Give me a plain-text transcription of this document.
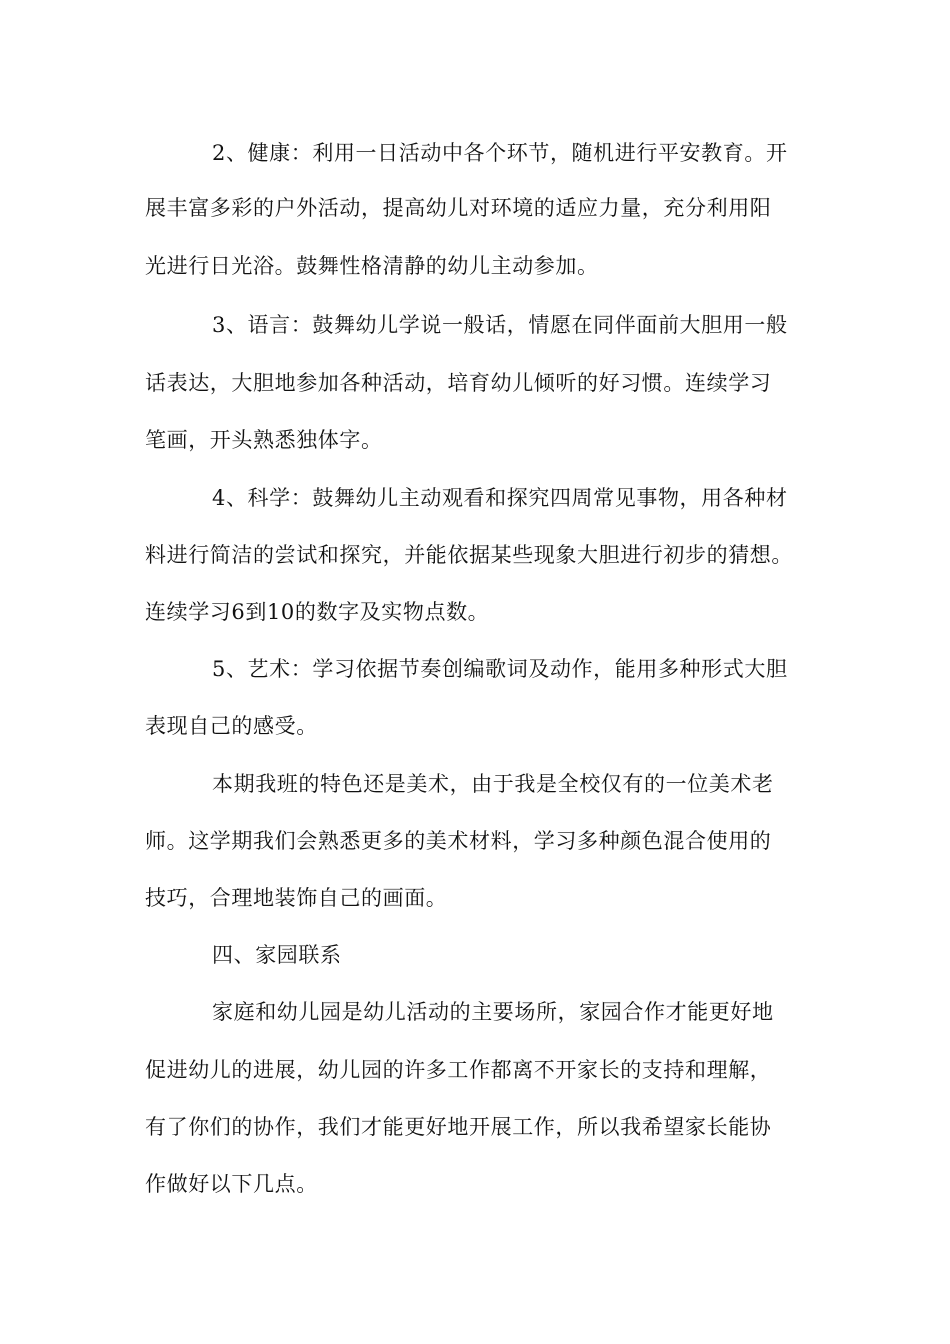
2、健康：利用一日活动中各个环节，随机进行平安教育。开
展丰富多彩的户外活动，提高幼儿对环境的适应力量，充分利用阳
光进行日光浴。鼓舞性格清静的幼儿主动参加。
3、语言：鼓舞幼儿学说一般话，情愿在同伴面前大胆用一般
话表达，大胆地参加各种活动，培育幼儿倾听的好习惯。连续学习
笔画，开头熟悉独体字。
4、科学：鼓舞幼儿主动观看和探究四周常见事物，用各种材
料进行简洁的尝试和探究，并能依据某些现象大胆进行初步的猜想。
连续学习6到10的数字及实物点数。
5、艺术：学习依据节奏创编歌词及动作，能用多种形式大胆
表现自己的感受。
本期我班的特色还是美术，由于我是全校仅有的一位美术老
师。这学期我们会熟悉更多的美术材料，学习多种颜色混合使用的
技巧，合理地装饰自己的画面。
四、家园联系
家庭和幼儿园是幼儿活动的主要场所，家园合作才能更好地
促进幼儿的进展，幼儿园的许多工作都离不开家长的支持和理解，
有了你们的协作，我们才能更好地开展工作，所以我希望家长能协
作做好以下几点。
